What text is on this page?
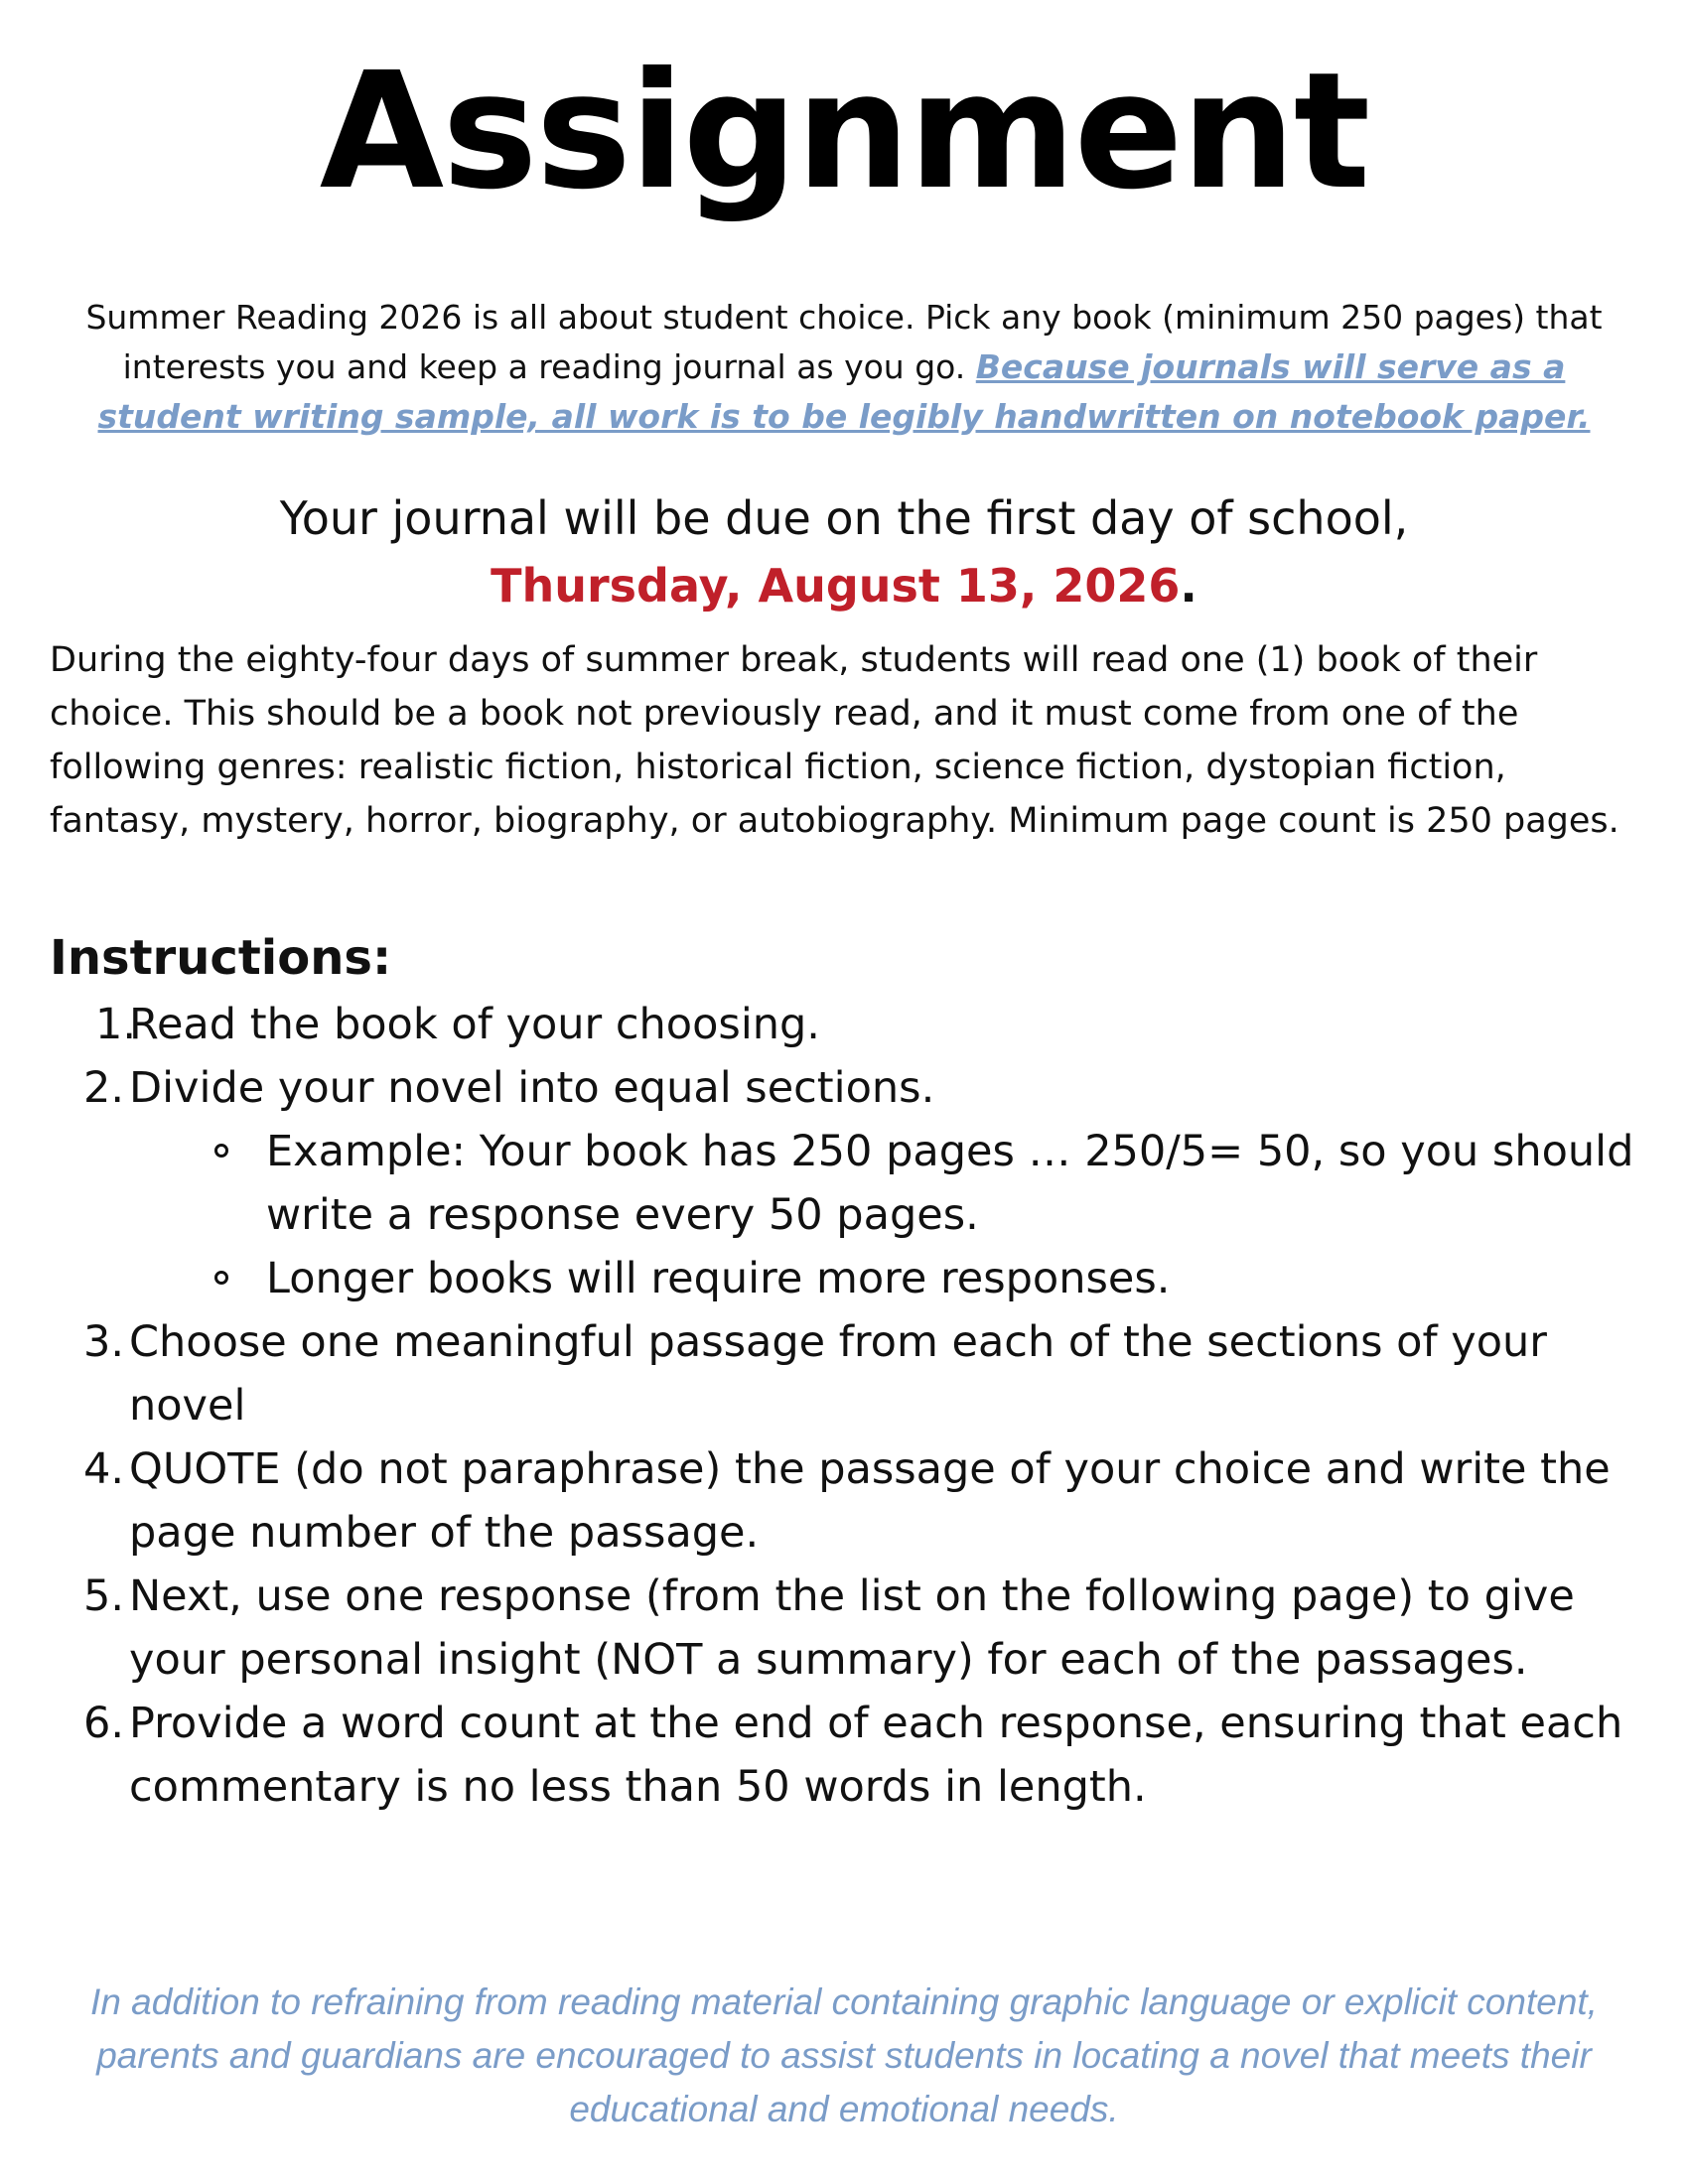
Assignment

Summer Reading 2026 is all about student choice. Pick any book (minimum 250 pages) that interests you and keep a reading journal as you go. Because journals will serve as a student writing sample, all work is to be legibly handwritten on notebook paper.

Your journal will be due on the first day of school,
Thursday, August 13, 2026.

During the eighty-four days of summer break, students will read one (1) book of their choice. This should be a book not previously read, and it must come from one of the following genres: realistic fiction, historical fiction, science fiction, dystopian fiction, fantasy, mystery, horror, biography, or autobiography. Minimum page count is 250 pages.

Instructions:
1.
Read the book of your choosing.
2. Divide your novel into equal sections.
Example: Your book has 250 pages … 250/5= 50, so you should write a response every 50 pages.
Longer books will require more responses.
3. Choose one meaningful passage from each of the sections of your novel
4. QUOTE (do not paraphrase) the passage of your choice and write the page number of the passage.
5. Next, use one response (from the list on the following page) to give your personal insight (NOT a summary) for each of the passages.
6. Provide a word count at the end of each response, ensuring that each commentary is no less than 50 words in length.

In addition to refraining from reading material containing graphic language or explicit content, parents and guardians are encouraged to assist students in locating a novel that meets their educational and emotional needs.
